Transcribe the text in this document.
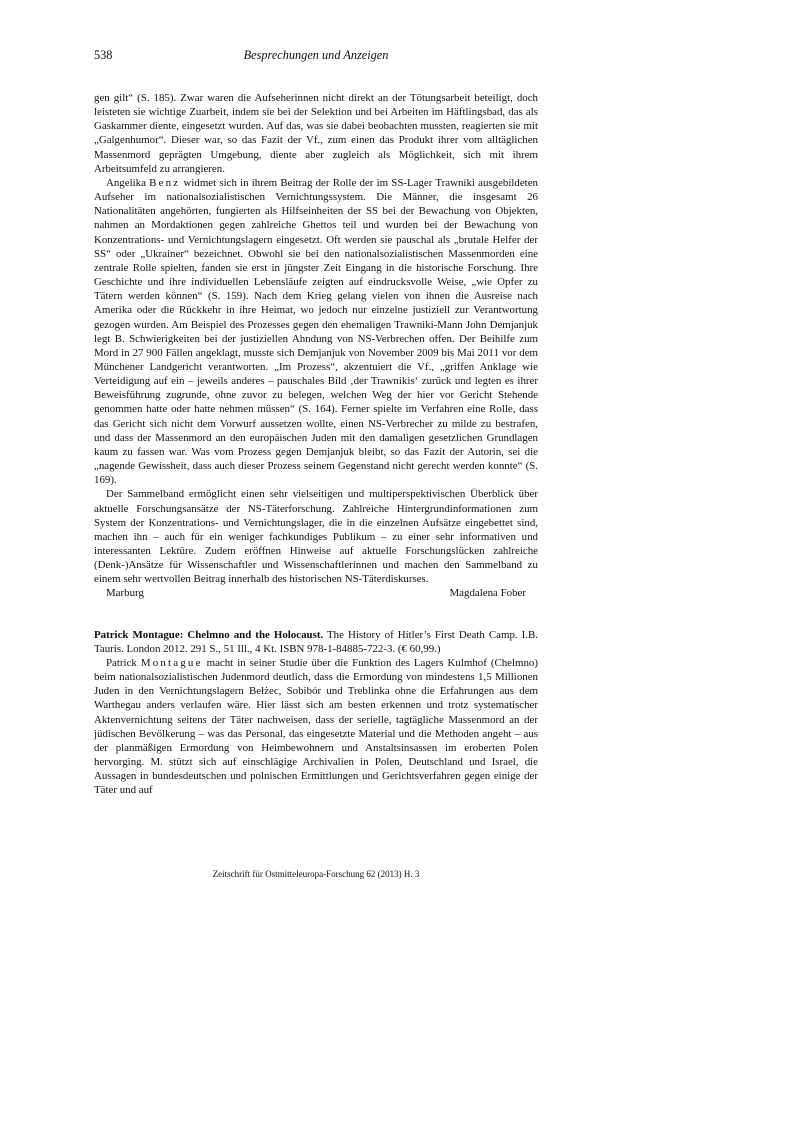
538	Besprechungen und Anzeigen

gen gilt“ (S. 185). Zwar waren die Aufseherinnen nicht direkt an der Tötungsarbeit beteiligt, doch leisteten sie wichtige Zuarbeit, indem sie bei der Selektion und bei Arbeiten im Häftlingsbad, das als Gaskammer diente, eingesetzt wurden. Auf das, was sie dabei beobachten mussten, reagierten sie mit „Galgenhumor“. Dieser war, so das Fazit der Vf., zum einen das Produkt ihrer vom alltäglichen Massenmord geprägten Umgebung, diente aber zugleich als Möglichkeit, sich mit ihrem Arbeitsumfeld zu arrangieren.

Angelika Benz widmet sich in ihrem Beitrag der Rolle der im SS-Lager Trawniki ausgebildeten Aufseher im nationalsozialistischen Vernichtungssystem. Die Männer, die insgesamt 26 Nationalitäten angehörten, fungierten als Hilfseinheiten der SS bei der Bewachung von Objekten, nahmen an Mordaktionen gegen zahlreiche Ghettos teil und wurden bei der Bewachung von Konzentrations- und Vernichtungslagern eingesetzt. Oft werden sie pauschal als „brutale Helfer der SS“ oder „Ukrainer“ bezeichnet. Obwohl sie bei den nationalsozialistischen Massenmorden eine zentrale Rolle spielten, fanden sie erst in jüngster Zeit Eingang in die historische Forschung. Ihre Geschichte und ihre individuellen Lebensläufe zeigten auf eindrucksvolle Weise, „wie Opfer zu Tätern werden können“ (S. 159). Nach dem Krieg gelang vielen von ihnen die Ausreise nach Amerika oder die Rückkehr in ihre Heimat, wo jedoch nur einzelne justiziell zur Verantwortung gezogen wurden. Am Beispiel des Prozesses gegen den ehemaligen Trawniki-Mann John Demjanjuk legt B. Schwierigkeiten bei der justiziellen Ahndung von NS-Verbrechen offen. Der Beihilfe zum Mord in 27 900 Fällen angeklagt, musste sich Demjanjuk von November 2009 bis Mai 2011 vor dem Münchener Landgericht verantworten. „Im Prozess“, akzentuiert die Vf., „griffen Anklage wie Verteidigung auf ein – jeweils anderes – pauschales Bild ‚der Trawnikis‘ zurück und legten es ihrer Beweisführung zugrunde, ohne zuvor zu belegen, welchen Weg der hier vor Gericht Stehende genommen hatte oder hatte nehmen müssen“ (S. 164). Ferner spielte im Verfahren eine Rolle, dass das Gericht sich nicht dem Vorwurf aussetzen wollte, einen NS-Verbrecher zu milde zu bestrafen, und dass der Massenmord an den europäischen Juden mit den damaligen gesetzlichen Grundlagen kaum zu fassen war. Was vom Prozess gegen Demjanjuk bleibt, so das Fazit der Autorin, sei die „nagende Gewissheit, dass auch dieser Prozess seinem Gegenstand nicht gerecht werden konnte“ (S. 169).

Der Sammelband ermöglicht einen sehr vielseitigen und multiperspektivischen Überblick über aktuelle Forschungsansätze der NS-Täterforschung. Zahlreiche Hintergrundinformationen zum System der Konzentrations- und Vernichtungslager, die in die einzelnen Aufsätze eingebettet sind, machen ihn – auch für ein weniger fachkundiges Publikum – zu einer sehr informativen und interessanten Lektüre. Zudem eröffnen Hinweise auf aktuelle Forschungslücken zahlreiche (Denk-)Ansätze für Wissenschaftler und Wissenschaftlerinnen und machen den Sammelband zu einem sehr wertvollen Beitrag innerhalb des historischen NS-Täterdiskurses.

Marburg	Magdalena Fober

Patrick Montague: Chelmno and the Holocaust. The History of Hitler’s First Death Camp. I.B. Tauris. London 2012. 291 S., 51 Ill., 4 Kt. ISBN 978-1-84885-722-3. (€ 60,99.)

Patrick Montague macht in seiner Studie über die Funktion des Lagers Kulmhof (Chelmno) beim nationalsozialistischen Judenmord deutlich, dass die Ermordung von mindestens 1,5 Millionen Juden in den Vernichtungslagern Bełżec, Sobibór und Treblinka ohne die Erfahrungen aus dem Warthegau anders verlaufen wäre. Hier lässt sich am besten erkennen und trotz systematischer Aktenvernichtung seitens der Täter nachweisen, dass der serielle, tagtägliche Massenmord an der jüdischen Bevölkerung – was das Personal, das eingesetzte Material und die Methoden angeht – aus der planmäßigen Ermordung von Heimbewohnern und Anstaltsinsassen im eroberten Polen hervorging. M. stützt sich auf einschlägige Archivalien in Polen, Deutschland und Israel, die Aussagen in bundesdeutschen und polnischen Ermittlungen und Gerichtsverfahren gegen einige der Täter und auf

Zeitschrift für Ostmitteleuropa-Forschung 62 (2013) H. 3
